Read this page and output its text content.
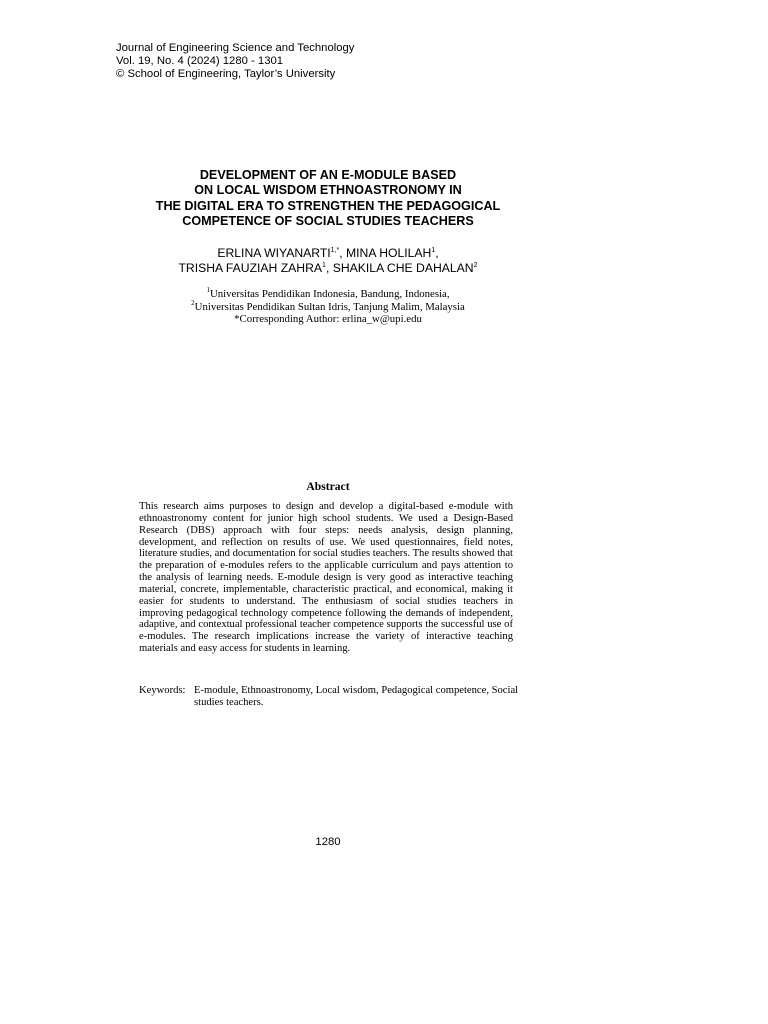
Journal of Engineering Science and Technology
Vol. 19, No. 4 (2024) 1280 - 1301
© School of Engineering, Taylor’s University
DEVELOPMENT OF AN E-MODULE BASED
ON LOCAL WISDOM ETHNOASTRONOMY IN
THE DIGITAL ERA TO STRENGTHEN THE PEDAGOGICAL
COMPETENCE OF SOCIAL STUDIES TEACHERS
ERLINA $WIYANARTI^{1,*}$, MINA HOLILAH$^1$,
TRISHA FAUZIAH ZAHRA$^1$, SHAKILA CHE DAHALAN$^2$
$^1$Universitas Pendidikan Indonesia, Bandung, Indonesia,
$^2$Universitas Pendidikan Sultan Idris, Tanjung Malim, Malaysia
*Corresponding Author: erlina_w@upi.edu
Abstract
This research aims purposes to design and develop a digital-based e-module with ethnoastronomy content for junior high school students. We used a Design-Based Research (DBS) approach with four steps: needs analysis, design planning, development, and reflection on results of use. We used questionnaires, field notes, literature studies, and documentation for social studies teachers. The results showed that the preparation of e-modules refers to the applicable curriculum and pays attention to the analysis of learning needs. E-module design is very good as interactive teaching material, concrete, implementable, characteristic practical, and economical, making it easier for students to understand. The enthusiasm of social studies teachers in improving pedagogical technology competence following the demands of independent, adaptive, and contextual professional teacher competence supports the successful use of e-modules. The research implications increase the variety of interactive teaching materials and easy access for students in learning.
Keywords: E-module, Ethnoastronomy, Local wisdom, Pedagogical competence, Social studies teachers.
1280
